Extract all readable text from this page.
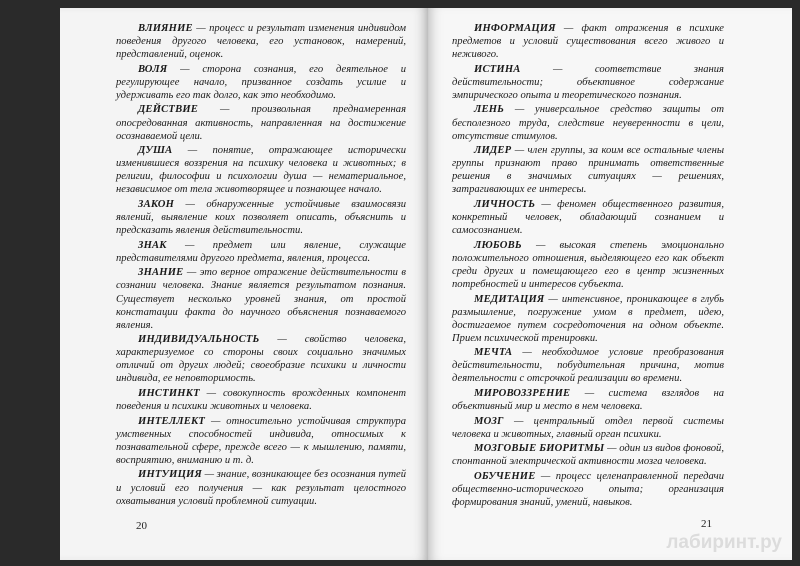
ВЛИЯНИЕ — процесс и результат изменения индивидом поведения другого человека, его установок, намерений, представлений, оценок.

ВОЛЯ — сторона сознания, его деятельное и регулирующее начало, призванное создать усилие и удерживать его так долго, как это необходимо.

ДЕЙСТВИЕ — произвольная преднамеренная опосредованная активность, направленная на достижение осознаваемой цели.

ДУША — понятие, отражающее исторически изменившиеся воззрения на психику человека и животных; в религии, философии и психологии душа — нематериальное, независимое от тела животворящее и познающее начало.

ЗАКОН — обнаруженные устойчивые взаимосвязи явлений, выявление коих позволяет описать, объяснить и предсказать явления действительности.

ЗНАК — предмет или явление, служащие представителями другого предмета, явления, процесса.

ЗНАНИЕ — это верное отражение действительности в сознании человека. Знание является результатом познания. Существует несколько уровней знания, от простой констатации факта до научного объяснения познаваемого явления.

ИНДИВИДУАЛЬНОСТЬ — свойство человека, характеризуемое со стороны своих социально значимых отличий от других людей; своеобразие психики и личности индивида, ее неповторимость.

ИНСТИНКТ — совокупность врожденных компонент поведения и психики животных и человека.

ИНТЕЛЛЕКТ — относительно устойчивая структура умственных способностей индивида, относимых к познавательной сфере, прежде всего — к мышлению, памяти, восприятию, вниманию и т. д.

ИНТУИЦИЯ — знание, возникающее без осознания путей и условий его получения — как результат целостного охватывания условий проблемной ситуации.

20

ИНФОРМАЦИЯ — факт отражения в психике предметов и условий существования всего живого и неживого.

ИСТИНА — соответствие знания действительности; объективное содержание эмпирического опыта и теоретического познания.

ЛЕНЬ — универсальное средство защиты от бесполезного труда, следствие неуверенности в цели, отсутствие стимулов.

ЛИДЕР — член группы, за коим все остальные члены группы признают право принимать ответственные решения в значимых ситуациях — решениях, затрагивающих ее интересы.

ЛИЧНОСТЬ — феномен общественного развития, конкретный человек, обладающий сознанием и самосознанием.

ЛЮБОВЬ — высокая степень эмоционально положительного отношения, выделяющего его как объект среди других и помещающего его в центр жизненных потребностей и интересов субъекта.

МЕДИТАЦИЯ — интенсивное, проникающее в глубь размышление, погружение умом в предмет, идею, достигаемое путем сосредоточения на одном объекте. Прием психической тренировки.

МЕЧТА — необходимое условие преобразования действительности, побудительная причина, мотив деятельности с отсрочкой реализации во времени.

МИРОВОЗЗРЕНИЕ — система взглядов на объективный мир и место в нем человека.

МОЗГ — центральный отдел первой системы человека и животных, главный орган психики.

МОЗГОВЫЕ БИОРИТМЫ — один из видов фоновой, спонтанной электрической активности мозга человека.

ОБУЧЕНИЕ — процесс целенаправленной передачи общественно-исторического опыта; организация формирования знаний, умений, навыков.

21
лабиринт.ру
